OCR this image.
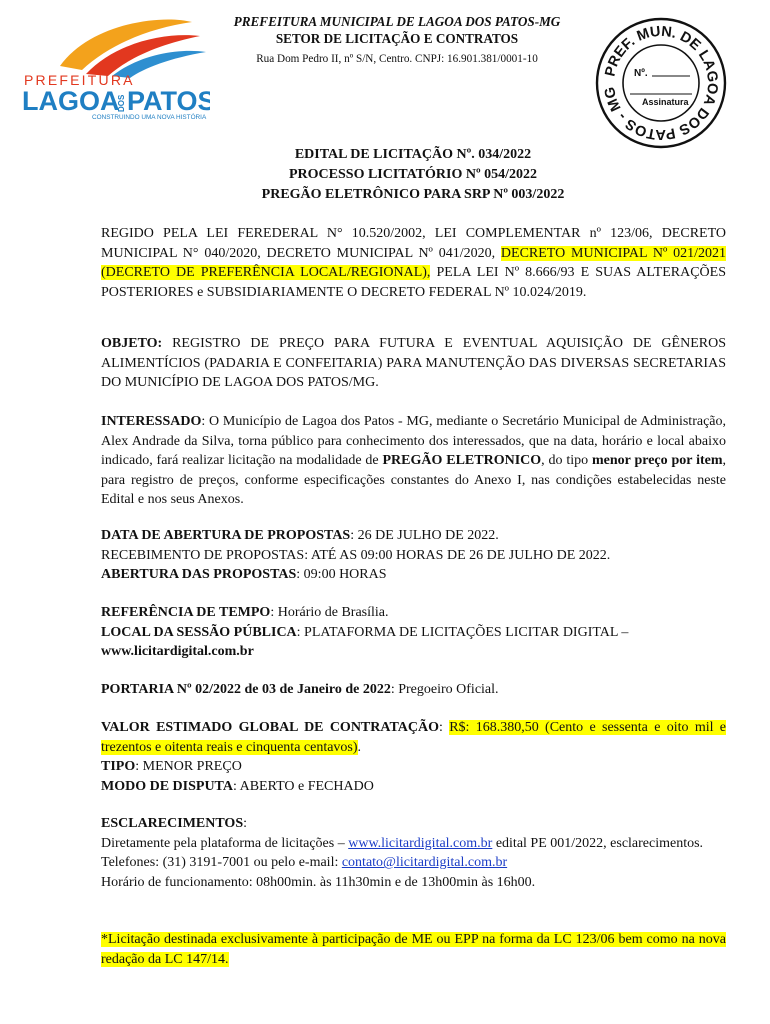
PREFEITURA
LAGOA
DOS PATOS
CONSTRUINDO UMA NOVA HISTÓRIA
PREFEITURA MUNICIPAL DE LAGOA DOS PATOS-MG
SETOR DE LICITAÇÃO E CONTRATOS
Rua Dom Pedro II, nº S/N, Centro. CNPJ: 16.901.381/0001-10
PREF. MUN. DE LAGOA DOS PATOS - MG
Nº.
Assinatura
EDITAL DE LICITAÇÃO Nº. 034/2022
PROCESSO LICITATÓRIO Nº 054/2022
PREGÃO ELETRÔNICO PARA SRP Nº 003/2022

REGIDO PELA LEI FEREDERAL N° 10.520/2002, LEI COMPLEMENTAR nº 123/06, DECRETO MUNICIPAL N° 040/2020, DECRETO MUNICIPAL Nº 041/2020, DECRETO MUNICIPAL Nº 021/2021 (DECRETO DE PREFERÊNCIA LOCAL/REGIONAL), PELA LEI Nº 8.666/93 E SUAS ALTERAÇÕES POSTERIORES e SUBSIDIARIAMENTE O DECRETO FEDERAL Nº 10.024/2019.

OBJETO: REGISTRO DE PREÇO PARA FUTURA E EVENTUAL AQUISIÇÃO DE GÊNEROS ALIMENTÍCIOS (PADARIA E CONFEITARIA) PARA MANUTENÇÃO DAS DIVERSAS SECRETARIAS DO MUNICÍPIO DE LAGOA DOS PATOS/MG.

INTERESSADO: O Município de Lagoa dos Patos - MG, mediante o Secretário Municipal de Administração, Alex Andrade da Silva, torna público para conhecimento dos interessados, que na data, horário e local abaixo indicado, fará realizar licitação na modalidade de PREGÃO ELETRONICO, do tipo menor preço por item, para registro de preços, conforme especificações constantes do Anexo I, nas condições estabelecidas neste Edital e nos seus Anexos.

DATA DE ABERTURA DE PROPOSTAS: 26 DE JULHO DE 2022.

RECEBIMENTO DE PROPOSTAS: ATÉ AS 09:00 HORAS DE 26 DE JULHO DE 2022.

ABERTURA DAS PROPOSTAS: 09:00 HORAS

REFERÊNCIA DE TEMPO: Horário de Brasília.

LOCAL DA SESSÃO PÚBLICA: PLATAFORMA DE LICITAÇÕES LICITAR DIGITAL –

www.licitardigital.com.br

PORTARIA Nº 02/2022 de 03 de Janeiro de 2022: Pregoeiro Oficial.

VALOR ESTIMADO GLOBAL DE CONTRATAÇÃO: R$: 168.380,50 (Cento e sessenta e oito mil e trezentos e oitenta reais e cinquenta centavos).

TIPO: MENOR PREÇO

MODO DE DISPUTA: ABERTO e FECHADO

ESCLARECIMENTOS:

Diretamente pela plataforma de licitações – www.licitardigital.com.br edital PE 001/2022, esclarecimentos.

Telefones: (31) 3191-7001 ou pelo e-mail: contato@licitardigital.com.br

Horário de funcionamento: 08h00min. às 11h30min e de 13h00min às 16h00.

*Licitação destinada exclusivamente à participação de ME ou EPP na forma da LC 123/06 bem como na nova redação da LC 147/14.
